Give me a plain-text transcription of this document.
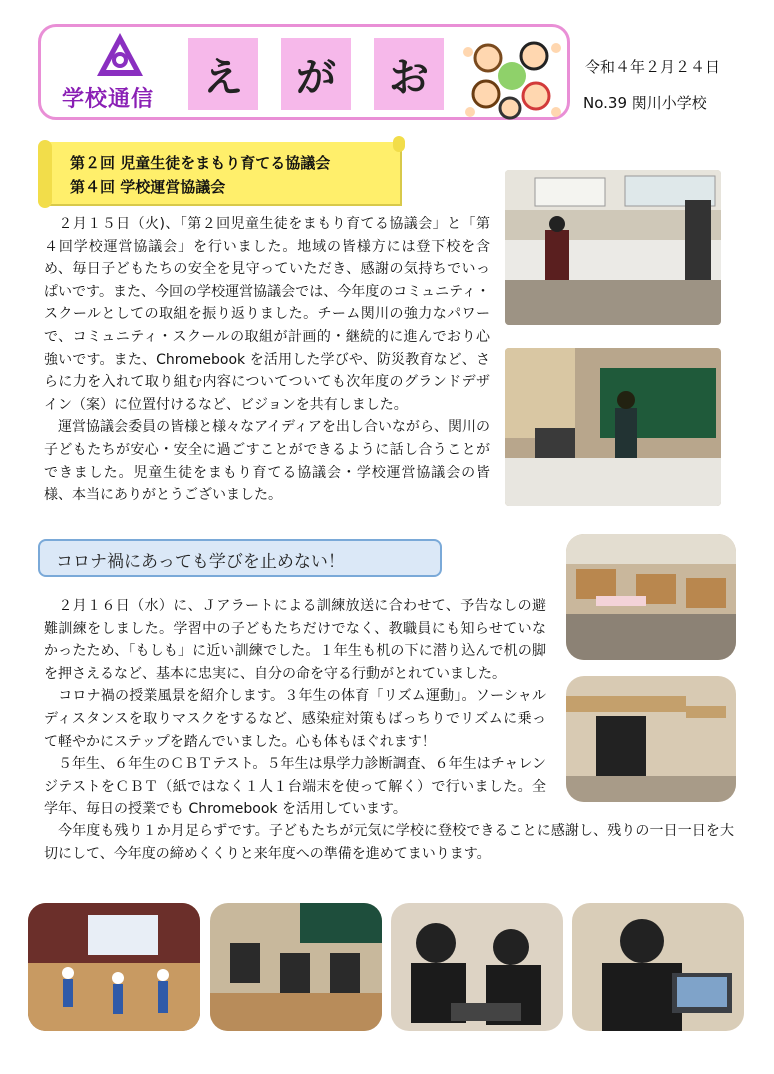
学校通信	え	が	お	令和４年２月２４日
No.39 関川小学校
第２回 児童生徒をまもり育てる協議会
第４回 学校運営協議会
　２月１５日（火)、「第２回児童生徒をまもり育てる協議会」と「第４回学校運営協議会」を行いました。地域の皆様方には登下校を含め、毎日子どもたちの安全を見守っていただき、感謝の気持ちでいっぱいです。また、今回の学校運営協議会では、今年度のコミュニティ・スクールとしての取組を振り返りました。チーム関川の強力なパワーで、コミュニティ・スクールの取組が計画的・継続的に進んでおり心強いです。また、Chromebook を活用した学びや、防災教育など、さらに力を入れて取り組む内容についてついても次年度のグランドデザイン（案）に位置付けるなど、ビジョンを共有しました。
　運営協議会委員の皆様と様々なアイディアを出し合いながら、関川の子どもたちが安心・安全に過ごすことができるように話し合うことができました。児童生徒をまもり育てる協議会・学校運営協議会の皆様、本当にありがとうございました。
コロナ禍にあっても学びを止めない！
　２月１６日（水）に、Ｊアラートによる訓練放送に合わせて、予告なしの避難訓練をしました。学習中の子どもたちだけでなく、教職員にも知らせていなかったため、「もしも」に近い訓練でした。１年生も机の下に潜り込んで机の脚を押さえるなど、基本に忠実に、自分の命を守る行動がとれていました。
　コロナ禍の授業風景を紹介します。３年生の体育「リズム運動」。ソーシャルディスタンスを取りマスクをするなど、感染症対策もばっちりでリズムに乗って軽やかにステップを踏んでいました。心も体もほぐれます！
　５年生、６年生のＣＢＴテスト。５年生は県学力診断調査、６年生はチャレンジテストをＣＢＴ（紙ではなく１人１台端末を使って解く）で行いました。全学年、毎日の授業でも Chromebook を活用しています。
　今年度も残り１か月足らずです。子どもたちが元気に学校に登校できることに感謝し、残りの一日一日を大切にして、今年度の締めくくりと来年度への準備を進めてまいります。
